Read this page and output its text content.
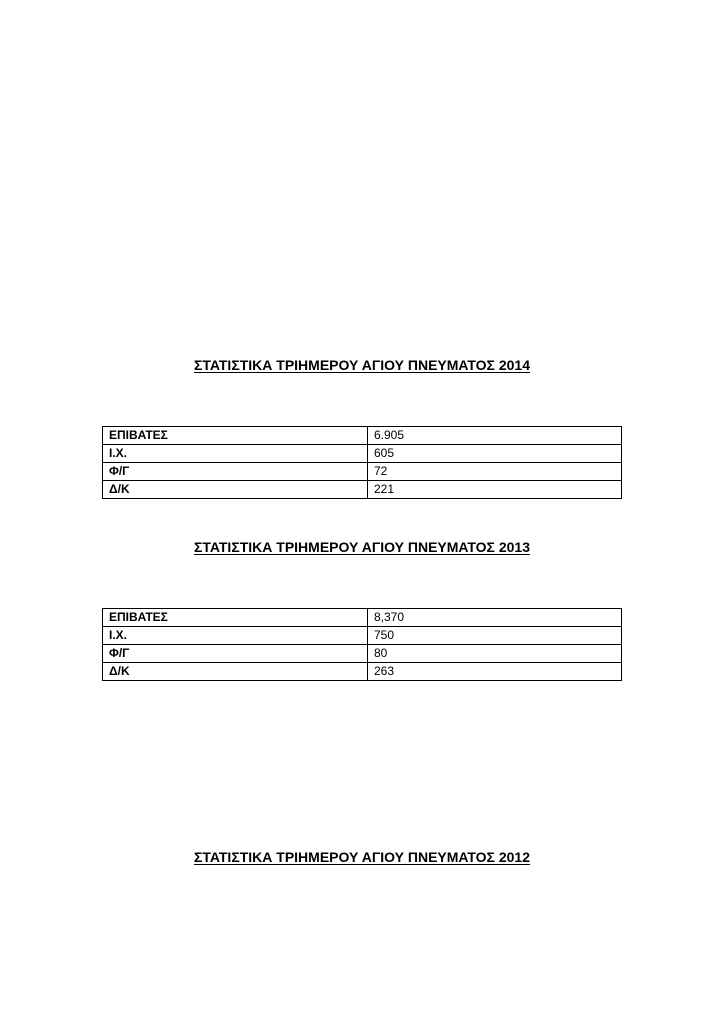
ΣΤΑΤΙΣΤΙΚΑ ΤΡΙΗΜΕΡΟΥ ΑΓΙΟΥ ΠΝΕΥΜΑΤΟΣ 2014
ΕΠΙΒΑΤΕΣ	6.905
Ι.Χ.	605
Φ/Γ	72
Δ/Κ	221
ΣΤΑΤΙΣΤΙΚΑ ΤΡΙΗΜΕΡΟΥ ΑΓΙΟΥ ΠΝΕΥΜΑΤΟΣ 2013
ΕΠΙΒΑΤΕΣ	8,370
Ι.Χ.	750
Φ/Γ	80
Δ/Κ	263
ΣΤΑΤΙΣΤΙΚΑ ΤΡΙΗΜΕΡΟΥ ΑΓΙΟΥ ΠΝΕΥΜΑΤΟΣ 2012
